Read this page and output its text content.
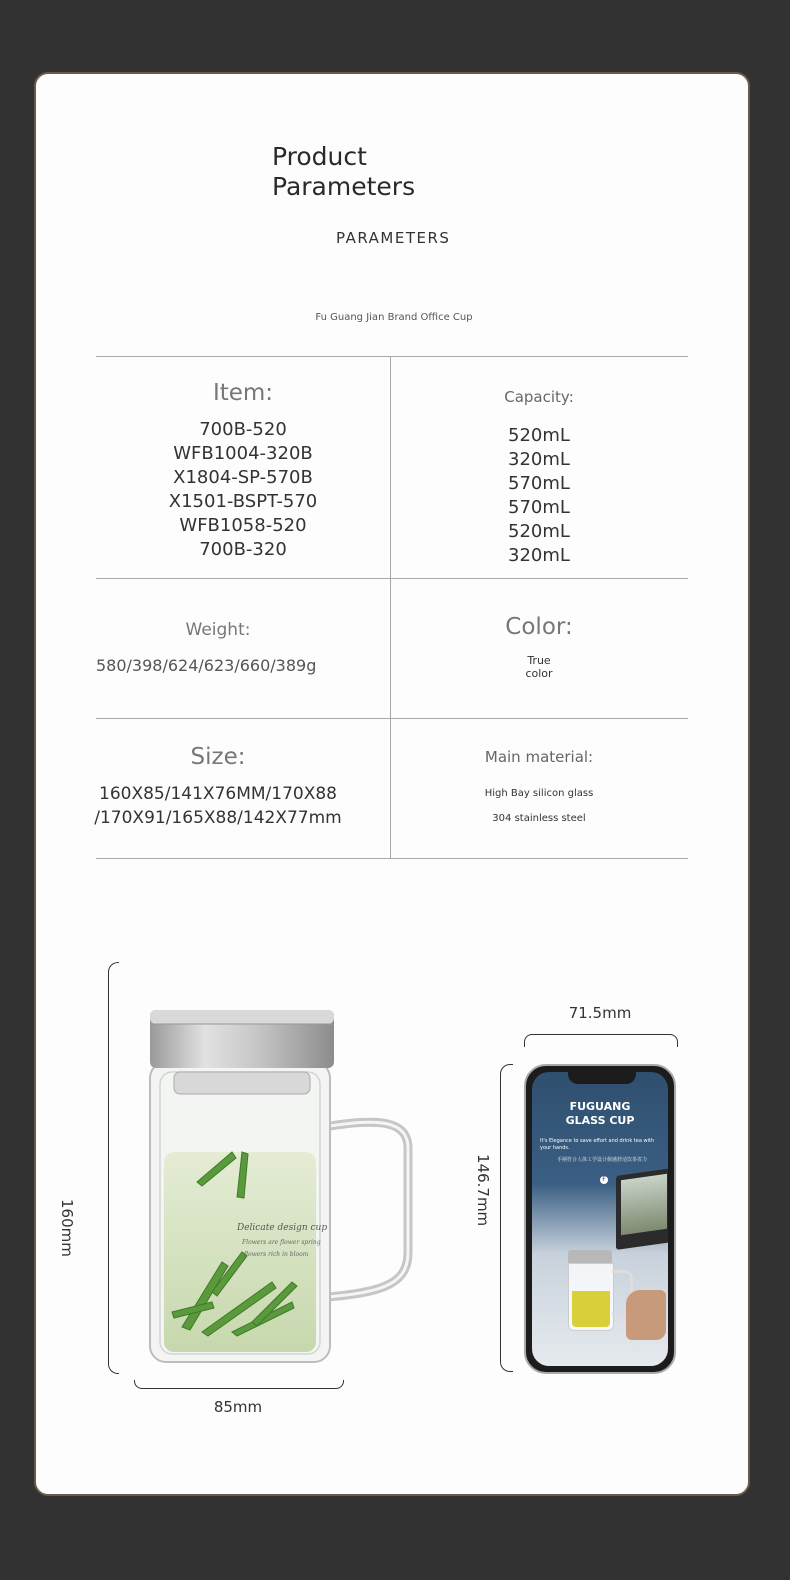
Product
Parameters
PARAMETERS
Fu Guang Jian Brand Office Cup
Item:
700B-520
WFB1004-320B
X1804-SP-570B
X1501-BSPT-570
WFB1058-520
700B-320
Capacity:
520mL
320mL
570mL
570mL
520mL
320mL
Weight:
580/398/624/623/660/389g
Color:
True
color
Size:
160X85/141X76MM/170X88
/170X91/165X88/142X77mm
Main material:
High Bay silicon glass
304 stainless steel
160mm
85mm
Delicate design cup
Flowers are flower spring
flowers rich in bloom
71.5mm
146.7mm
FUGUANG
GLASS CUP
It's Elegance to save effort and drink tea with your hands.
手柄符合人体工学设计握感舒适饮茶省力
F
